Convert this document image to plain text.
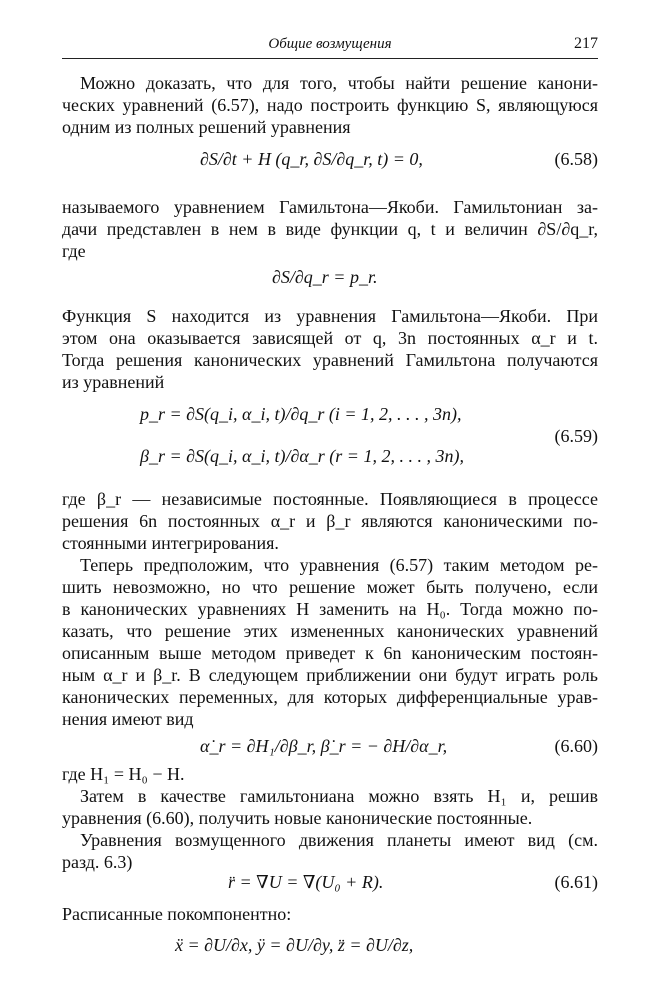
Общие возмущения	217
Можно доказать, что для того, чтобы найти решение канони-
ческих уравнений (6.57), надо построить функцию S, являющуюся
одним из полных решений уравнения
∂S/∂t + H (q_r, ∂S/∂q_r, t) = 0,	(6.58)
называемого уравнением Гамильтона—Якоби. Гамильтониан за-
дачи представлен в нем в виде функции q, t и величин ∂S/∂q_r,
где
∂S/∂q_r = p_r.
Функция S находится из уравнения Гамильтона—Якоби. При
этом она оказывается зависящей от q, 3n постоянных α_r и t.
Тогда решения канонических уравнений Гамильтона получаются
из уравнений
p_r = ∂S(q_i, α_i, t)/∂q_r (i = 1, 2, . . . , 3n),
β_r = ∂S(q_i, α_i, t)/∂α_r (r = 1, 2, . . . , 3n),
(6.59)
где β_r — независимые постоянные. Появляющиеся в процессе
решения 6n постоянных α_r и β_r являются каноническими по-
стоянными интегрирования.
Теперь предположим, что уравнения (6.57) таким методом ре-
шить невозможно, но что решение может быть получено, если
в канонических уравнениях H заменить на H₀. Тогда можно по-
казать, что решение этих измененных канонических уравнений
описанным выше методом приведет к 6n каноническим постоян-
ным α_r и β_r. В следующем приближении они будут играть роль
канонических переменных, для которых дифференциальные урав-
нения имеют вид
α̇_r = ∂H₁/∂β_r, β̇_r = − ∂H/∂α_r,	(6.60)
где H₁ = H₀ − H.
Затем в качестве гамильтониана можно взять H₁ и, решив
уравнения (6.60), получить новые канонические постоянные.
Уравнения возмущенного движения планеты имеют вид (см.
разд. 6.3)
r̈ = ∇U = ∇(U₀ + R).	(6.61)
Расписанные покомпонентно:
ẍ = ∂U/∂x, ÿ = ∂U/∂y, z̈ = ∂U/∂z,
